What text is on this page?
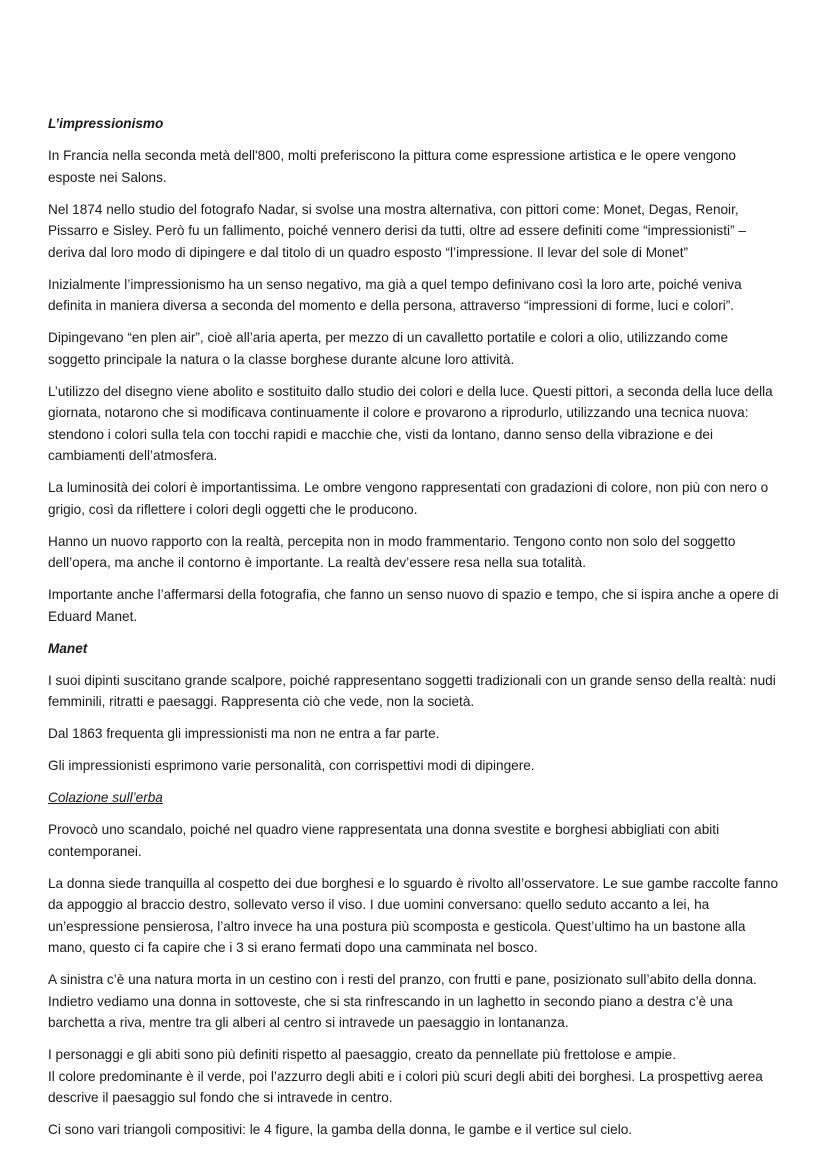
L’impressionismo
In Francia nella seconda metà dell'800, molti preferiscono la pittura come espressione artistica e le opere vengono esposte nei Salons.
Nel 1874 nello studio del fotografo Nadar, si svolse una mostra alternativa, con pittori come: Monet, Degas, Renoir, Pissarro e Sisley. Però fu un fallimento, poiché vennero derisi da tutti, oltre ad essere definiti come “impressionisti” – deriva dal loro modo di dipingere e dal titolo di un quadro esposto “l’impressione. Il levar del sole di Monet”
Inizialmente l’impressionismo ha un senso negativo, ma già a quel tempo definivano così la loro arte, poiché veniva definita in maniera diversa a seconda del momento e della persona, attraverso “impressioni di forme, luci e colori”.
Dipingevano “en plen air”, cioè all’aria aperta, per mezzo di un cavalletto portatile e colori a olio, utilizzando come soggetto principale la natura o la classe borghese durante alcune loro attività.
L’utilizzo del disegno viene abolito e sostituito dallo studio dei colori e della luce. Questi pittori, a seconda della luce della giornata, notarono che si modificava continuamente il colore e provarono a riprodurlo, utilizzando una tecnica nuova: stendono i colori sulla tela con tocchi rapidi e macchie che, visti da lontano, danno senso della vibrazione e dei cambiamenti dell’atmosfera.
La luminosità dei colori è importantissima. Le ombre vengono rappresentati con gradazioni di colore, non più con nero o grigio, così da riflettere i colori degli oggetti che le producono.
Hanno un nuovo rapporto con la realtà, percepita non in modo frammentario. Tengono conto non solo del soggetto dell’opera, ma anche il contorno è importante. La realtà dev’essere resa nella sua totalità.
Importante anche l’affermarsi della fotografia, che fanno un senso nuovo di spazio e tempo, che si ispira anche a opere di Eduard Manet.
Manet
I suoi dipinti suscitano grande scalpore, poiché rappresentano soggetti tradizionali con un grande senso della realtà: nudi femminili, ritratti e paesaggi. Rappresenta ciò che vede, non la società.
Dal 1863 frequenta gli impressionisti ma non ne entra a far parte.
Gli impressionisti esprimono varie personalità, con corrispettivi modi di dipingere.
Colazione sull’erba
Provocò uno scandalo, poiché nel quadro viene rappresentata una donna svestite e borghesi abbigliati con abiti contemporanei.
La donna siede tranquilla al cospetto dei due borghesi e lo sguardo è rivolto all’osservatore. Le sue gambe raccolte fanno da appoggio al braccio destro, sollevato verso il viso. I due uomini conversano: quello seduto accanto a lei, ha un’espressione pensierosa, l’altro invece ha una postura più scomposta e gesticola. Quest’ultimo ha un bastone alla mano, questo ci fa capire che i 3 si erano fermati dopo una camminata nel bosco.
A sinistra c’è una natura morta in un cestino con i resti del pranzo, con frutti e pane, posizionato sull’abito della donna. Indietro vediamo una donna in sottoveste, che si sta rinfrescando in un laghetto in secondo piano a destra c’è una barchetta a riva, mentre tra gli alberi al centro si intravede un paesaggio in lontananza.
I personaggi e gli abiti sono più definiti rispetto al paesaggio, creato da pennellate più frettolose e ampie.
Il colore predominante è il verde, poi l’azzurro degli abiti e i colori più scuri degli abiti dei borghesi. La prospettivg aerea descrive il paesaggio sul fondo che si intravede in centro.
Ci sono vari triangoli compositivi: le 4 figure, la gamba della donna, le gambe e il vertice sul cielo.
